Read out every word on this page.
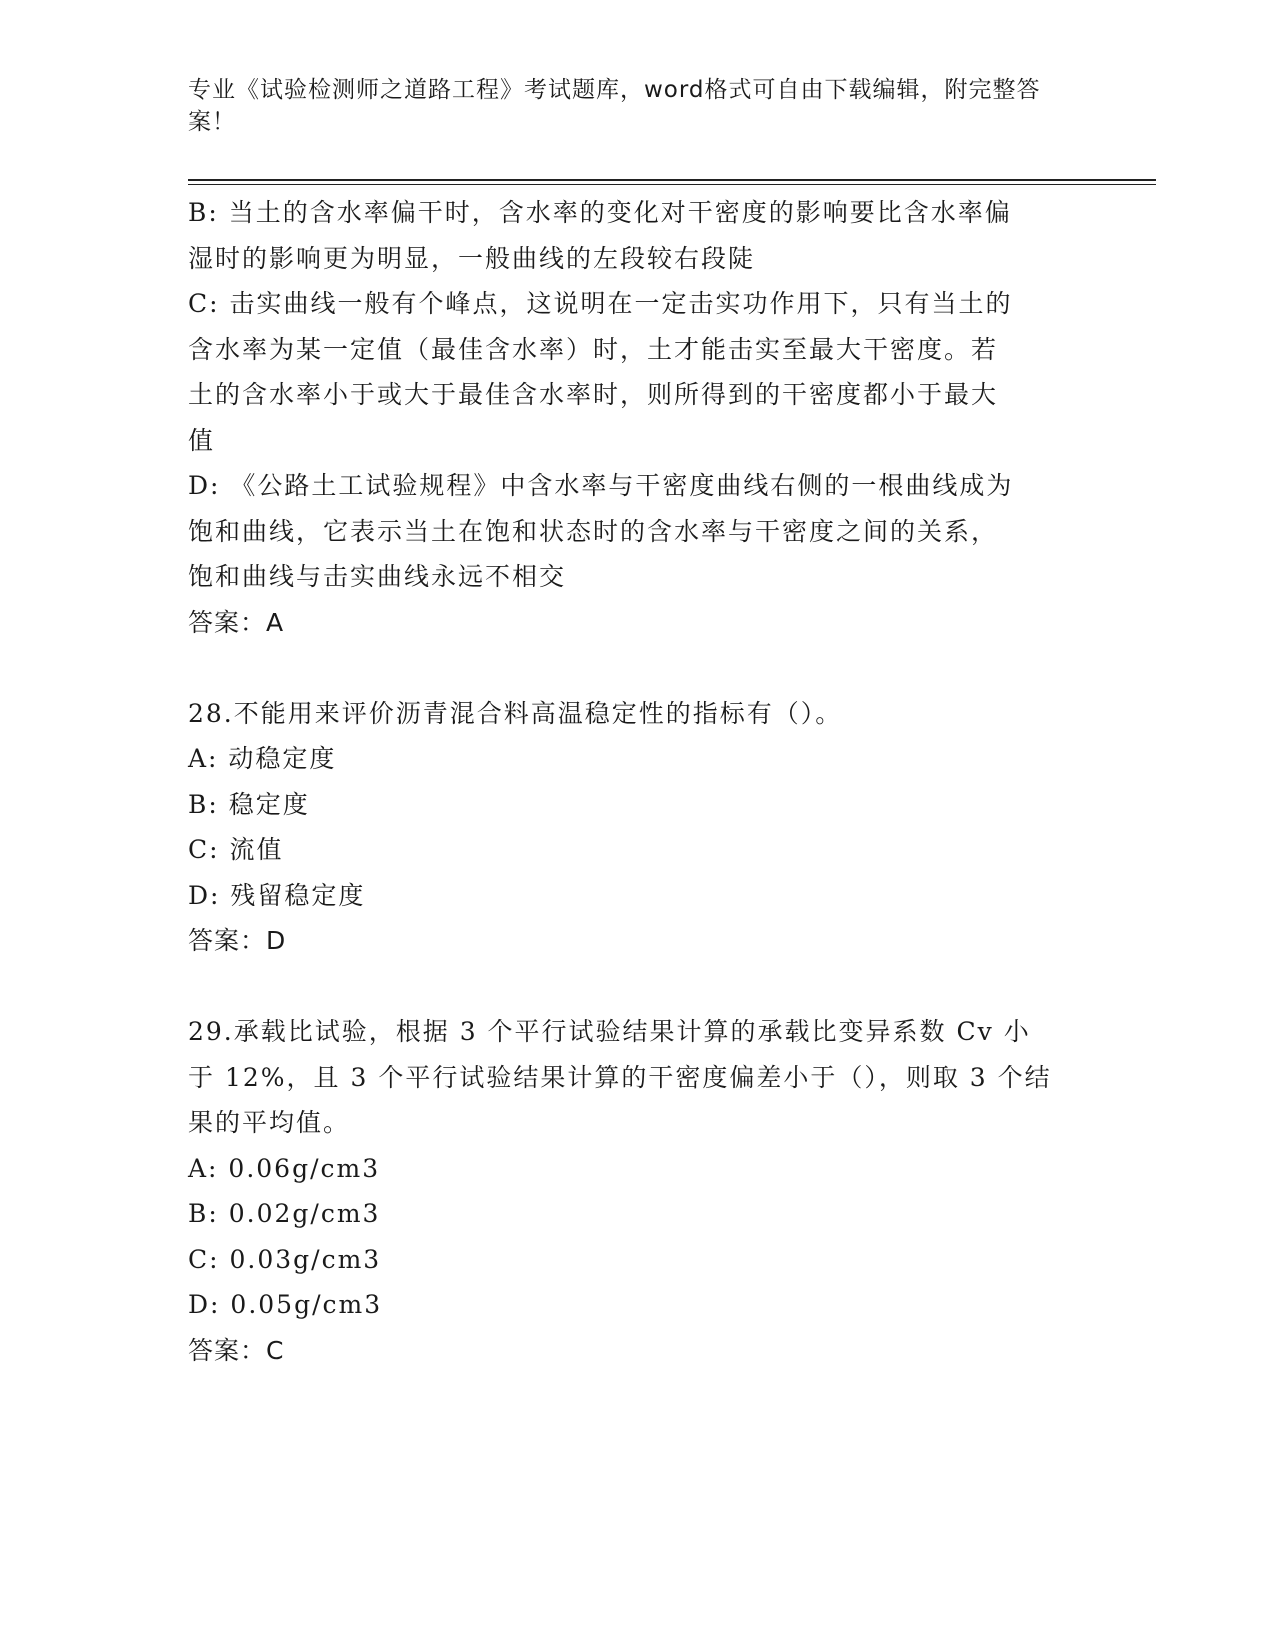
专业《试验检测师之道路工程》考试题库，word格式可自由下载编辑，附完整答案！
B: 当土的含水率偏干时，含水率的变化对干密度的影响要比含水率偏
湿时的影响更为明显，一般曲线的左段较右段陡
C: 击实曲线一般有个峰点，这说明在一定击实功作用下，只有当土的
含水率为某一定值（最佳含水率）时，土才能击实至最大干密度。若
土的含水率小于或大于最佳含水率时，则所得到的干密度都小于最大
值
D: 《公路土工试验规程》中含水率与干密度曲线右侧的一根曲线成为
饱和曲线，它表示当土在饱和状态时的含水率与干密度之间的关系，
饱和曲线与击实曲线永远不相交
答案：A
28.不能用来评价沥青混合料高温稳定性的指标有（）。
A: 动稳定度
B: 稳定度
C: 流值
D: 残留稳定度
答案：D
29.承载比试验，根据 3 个平行试验结果计算的承载比变异系数 Cv 小
于 12%，且 3 个平行试验结果计算的干密度偏差小于（），则取 3 个结
果的平均值。
A: 0.06g/cm3
B: 0.02g/cm3
C: 0.03g/cm3
D: 0.05g/cm3
答案：C
